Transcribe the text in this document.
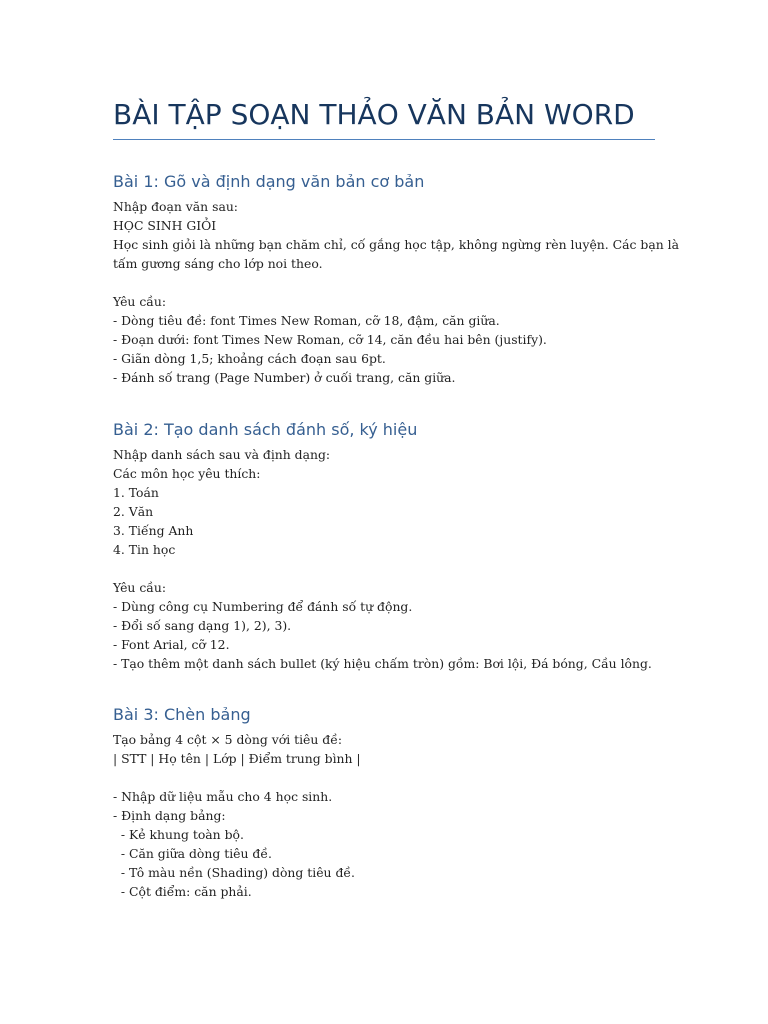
BÀI TẬP SOẠN THẢO VĂN BẢN WORD
Bài 1: Gõ và định dạng văn bản cơ bản

Nhập đoạn văn sau:

HỌC SINH GIỎI

Học sinh giỏi là những bạn chăm chỉ, cố gắng học tập, không ngừng rèn luyện. Các bạn là

tấm gương sáng cho lớp noi theo.

Yêu cầu:

- Dòng tiêu đề: font Times New Roman, cỡ 18, đậm, căn giữa.

- Đoạn dưới: font Times New Roman, cỡ 14, căn đều hai bên (justify).

- Giãn dòng 1,5; khoảng cách đoạn sau 6pt.

- Đánh số trang (Page Number) ở cuối trang, căn giữa.

Bài 2: Tạo danh sách đánh số, ký hiệu

Nhập danh sách sau và định dạng:

Các môn học yêu thích:

1. Toán

2. Văn

3. Tiếng Anh

4. Tin học

Yêu cầu:

- Dùng công cụ Numbering để đánh số tự động.

- Đổi số sang dạng 1), 2), 3).

- Font Arial, cỡ 12.

- Tạo thêm một danh sách bullet (ký hiệu chấm tròn) gồm: Bơi lội, Đá bóng, Cầu lông.

Bài 3: Chèn bảng

Tạo bảng 4 cột × 5 dòng với tiêu đề:

| STT | Họ tên | Lớp | Điểm trung bình |

- Nhập dữ liệu mẫu cho 4 học sinh.

- Định dạng bảng:

- Kẻ khung toàn bộ.

- Căn giữa dòng tiêu đề.

- Tô màu nền (Shading) dòng tiêu đề.

- Cột điểm: căn phải.
